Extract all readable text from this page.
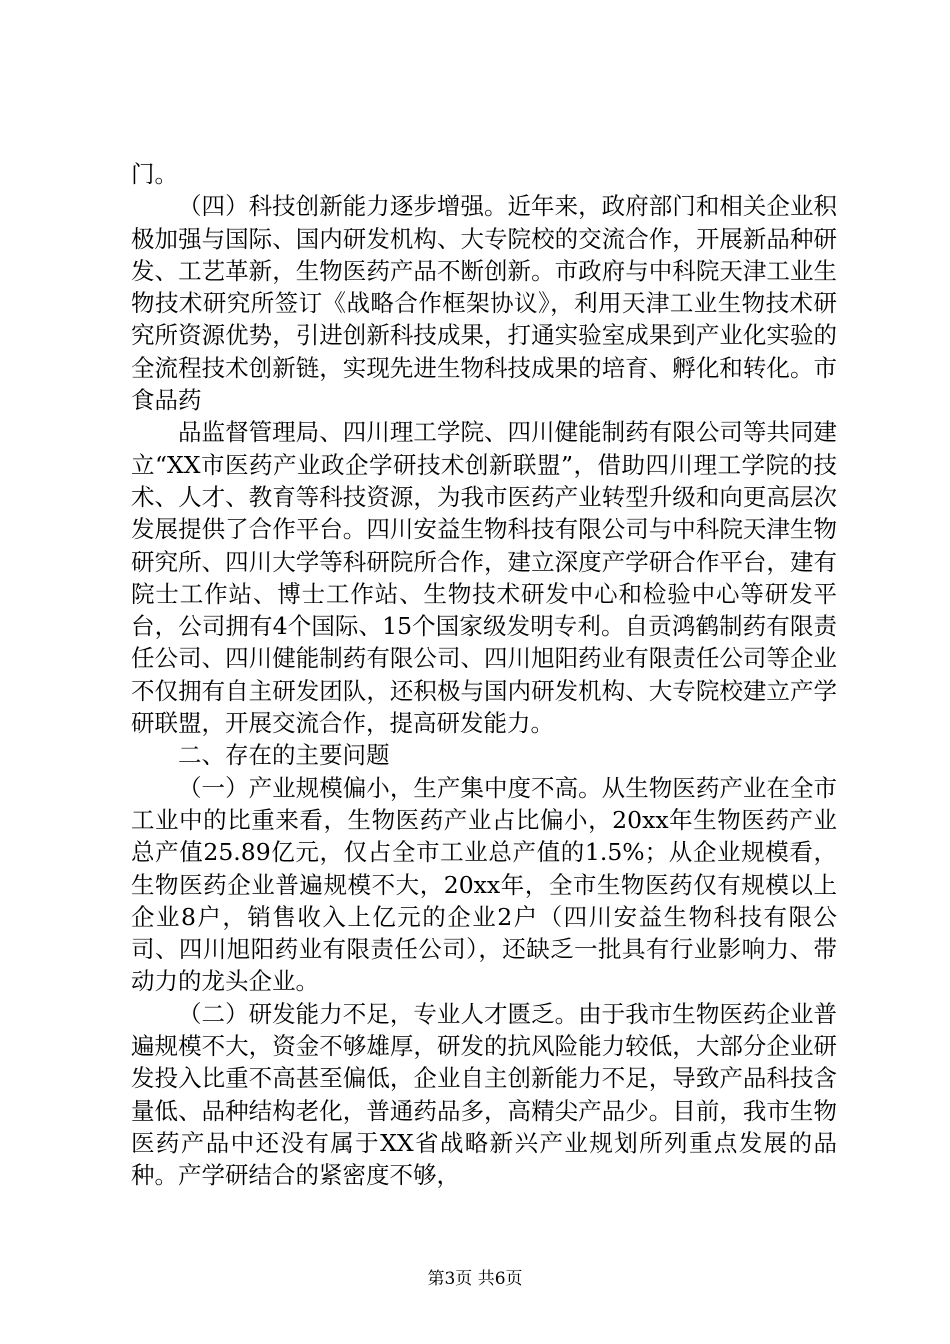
门。

（四）科技创新能力逐步增强。近年来，政府部门和相关企业积极加强与国际、国内研发机构、大专院校的交流合作，开展新品种研发、工艺革新，生物医药产品不断创新。市政府与中科院天津工业生物技术研究所签订《战略合作框架协议》，利用天津工业生物技术研究所资源优势，引进创新科技成果，打通实验室成果到产业化实验的全流程技术创新链，实现先进生物科技成果的培育、孵化和转化。市食品药

品监督管理局、四川理工学院、四川健能制药有限公司等共同建立“XX市医药产业政企学研技术创新联盟”，借助四川理工学院的技术、人才、教育等科技资源，为我市医药产业转型升级和向更高层次发展提供了合作平台。四川安益生物科技有限公司与中科院天津生物研究所、四川大学等科研院所合作，建立深度产学研合作平台，建有院士工作站、博士工作站、生物技术研发中心和检验中心等研发平台，公司拥有4个国际、15个国家级发明专利。自贡鸿鹤制药有限责任公司、四川健能制药有限公司、四川旭阳药业有限责任公司等企业不仅拥有自主研发团队，还积极与国内研发机构、大专院校建立产学研联盟，开展交流合作，提高研发能力。

二、存在的主要问题

（一）产业规模偏小，生产集中度不高。从生物医药产业在全市工业中的比重来看，生物医药产业占比偏小，20xx年生物医药产业总产值25.89亿元，仅占全市工业总产值的1.5%；从企业规模看，生物医药企业普遍规模不大，20xx年，全市生物医药仅有规模以上企业8户，销售收入上亿元的企业2户（四川安益生物科技有限公司、四川旭阳药业有限责任公司），还缺乏一批具有行业影响力、带动力的龙头企业。

（二）研发能力不足，专业人才匮乏。由于我市生物医药企业普遍规模不大，资金不够雄厚，研发的抗风险能力较低，大部分企业研发投入比重不高甚至偏低，企业自主创新能力不足，导致产品科技含量低、品种结构老化，普通药品多，高精尖产品少。目前，我市生物医药产品中还没有属于XX省战略新兴产业规划所列重点发展的品种。产学研结合的紧密度不够，

第3页 共6页
